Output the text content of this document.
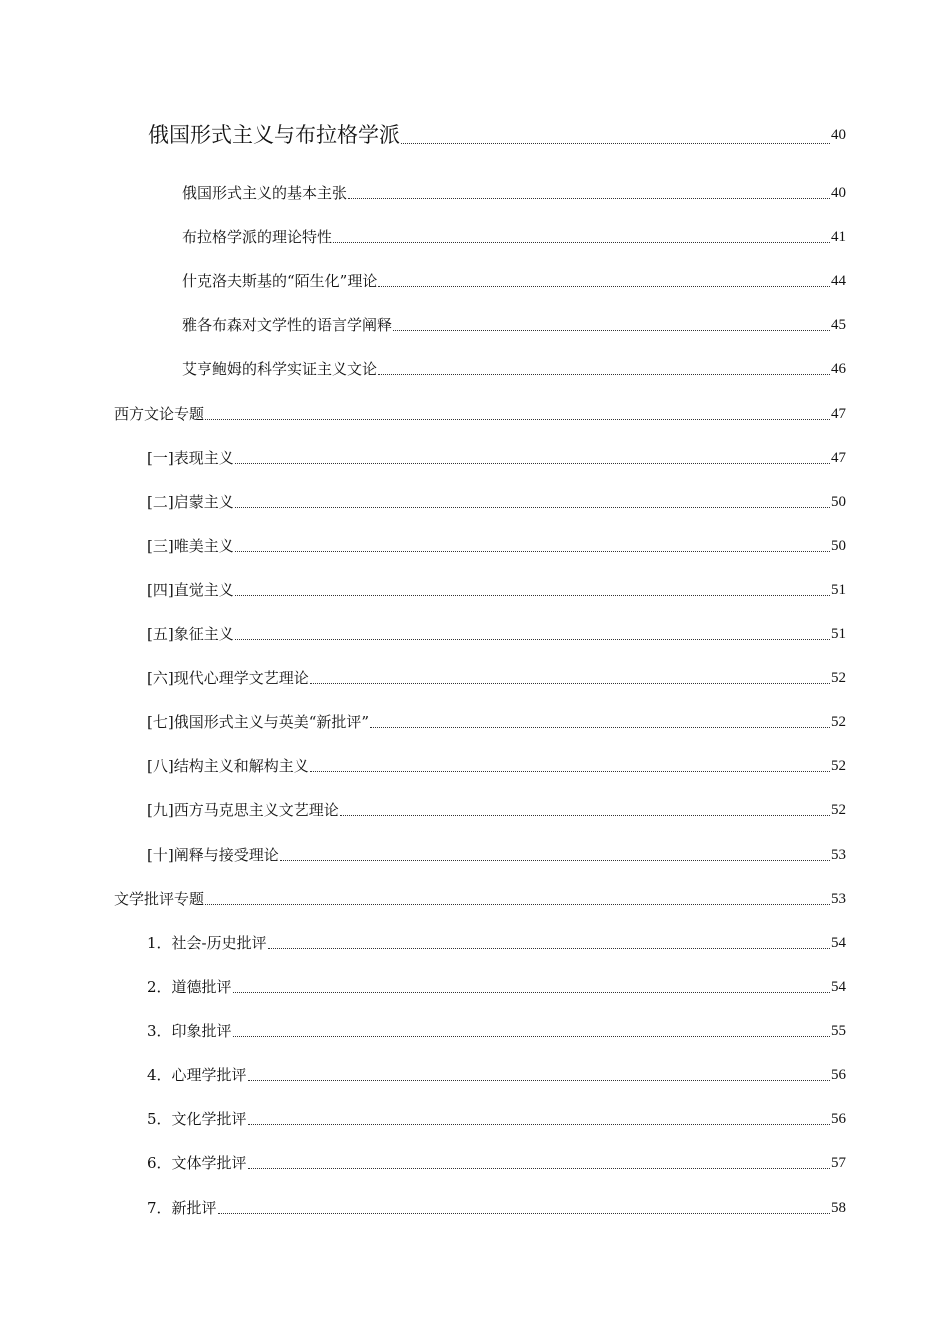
俄国形式主义与布拉格学派	40
俄国形式主义的基本主张	40
布拉格学派的理论特性	41
什克洛夫斯基的“陌生化”理论	44
雅各布森对文学性的语言学阐释	45
艾亨鲍姆的科学实证主义文论	46
西方文论专题	47
[一]表现主义	47
[二]启蒙主义	50
[三]唯美主义	50
[四]直觉主义	51
[五]象征主义	51
[六]现代心理学文艺理论	52
[七]俄国形式主义与英美“新批评”	52
[八]结构主义和解构主义	52
[九]西方马克思主义文艺理论	52
[十]阐释与接受理论	53
文学批评专题	53
1．社会-历史批评	54
2．道德批评	54
3．印象批评	55
4．心理学批评	56
5．文化学批评	56
6．文体学批评	57
7．新批评	58
